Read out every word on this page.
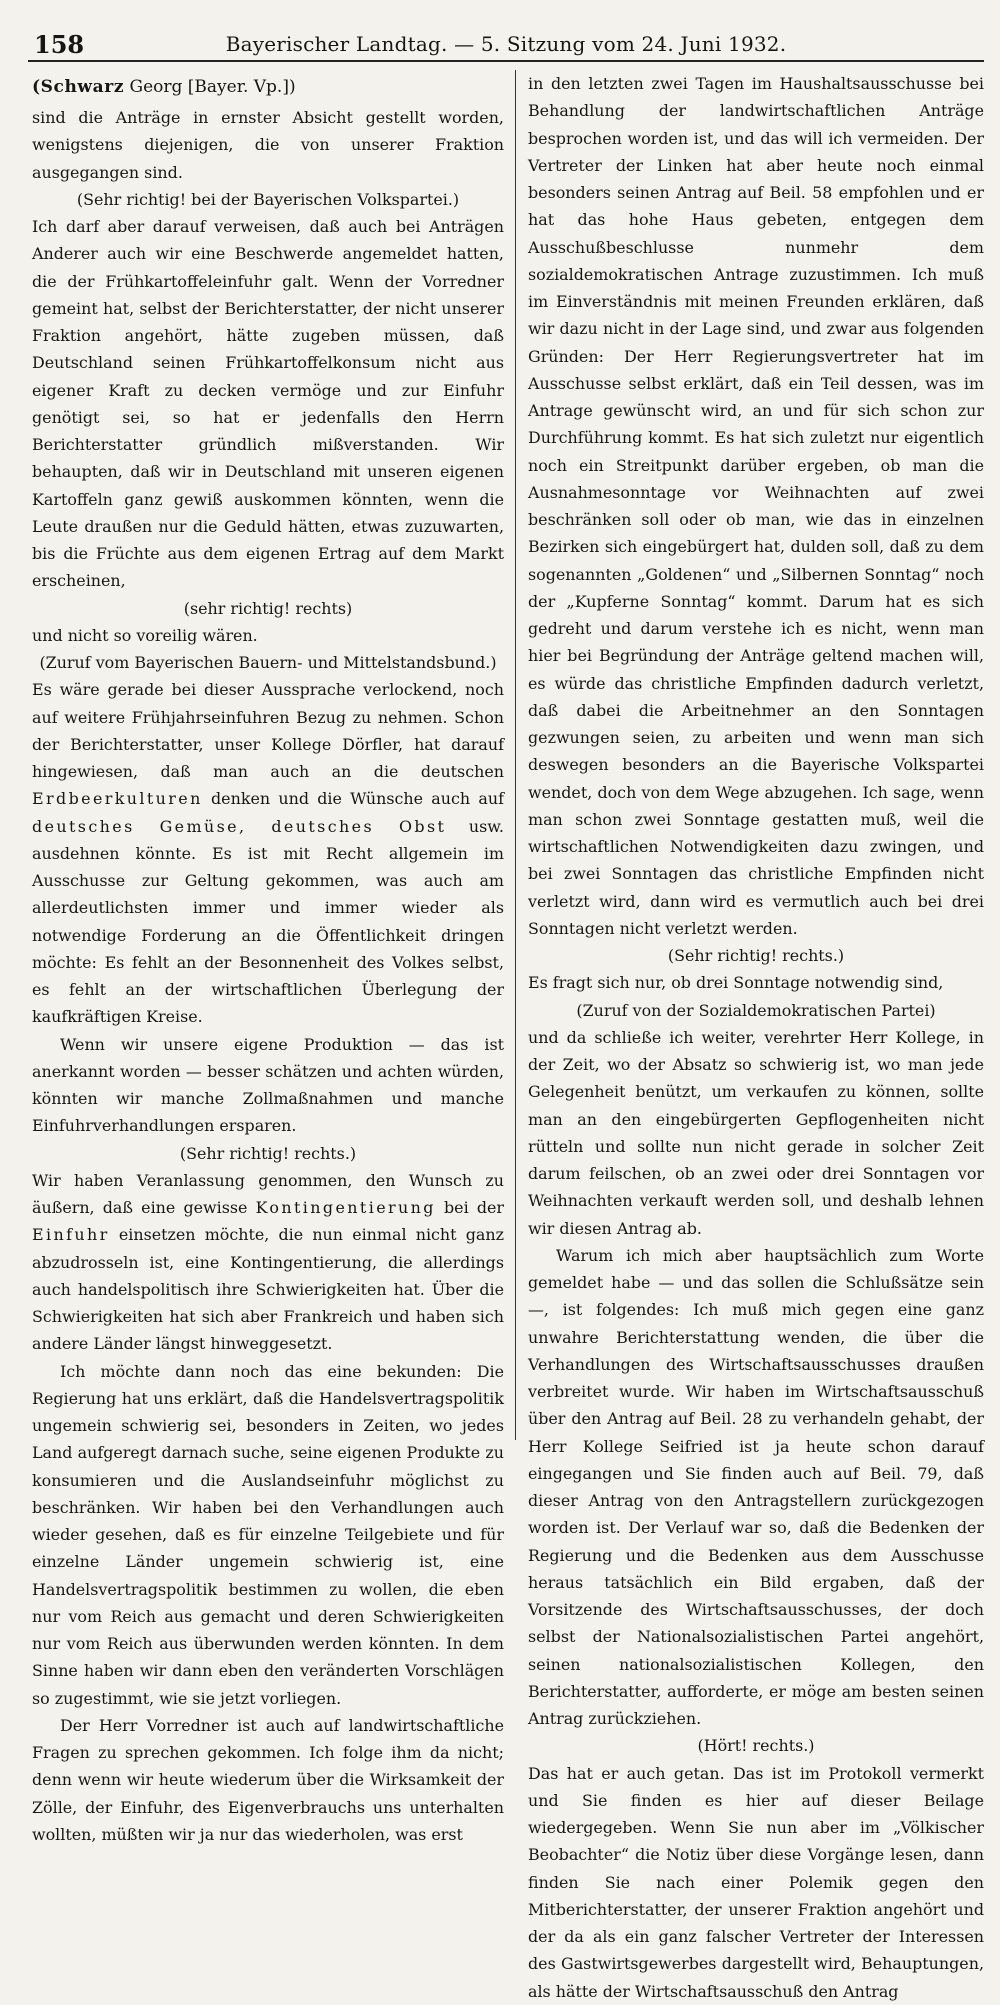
158	Bayerischer Landtag. — 5. Sitzung vom 24. Juni 1932.

(Schwarz Georg [Bayer. Vp.])

sind die Anträge in ernster Absicht gestellt worden, wenigstens diejenigen, die von unserer Fraktion ausgegangen sind.

(Sehr richtig! bei der Bayerischen Volkspartei.)

Ich darf aber darauf verweisen, daß auch bei Anträgen Anderer auch wir eine Beschwerde angemeldet hatten, die der Frühkartoffeleinfuhr galt. Wenn der Vorredner gemeint hat, selbst der Berichterstatter, der nicht unserer Fraktion angehört, hätte zugeben müssen, daß Deutschland seinen Frühkartoffelkonsum nicht aus eigener Kraft zu decken vermöge und zur Einfuhr genötigt sei, so hat er jedenfalls den Herrn Berichterstatter gründlich mißverstanden. Wir behaupten, daß wir in Deutschland mit unseren eigenen Kartoffeln ganz gewiß auskommen könnten, wenn die Leute draußen nur die Geduld hätten, etwas zuzuwarten, bis die Früchte aus dem eigenen Ertrag auf dem Markt erscheinen,

(sehr richtig! rechts)

und nicht so voreilig wären.

(Zuruf vom Bayerischen Bauern- und Mittelstandsbund.)

Es wäre gerade bei dieser Aussprache verlockend, noch auf weitere Frühjahrseinfuhren Bezug zu nehmen. Schon der Berichterstatter, unser Kollege Dörfler, hat darauf hingewiesen, daß man auch an die deutschen Erdbeerkulturen denken und die Wünsche auch auf deutsches Gemüse, deutsches Obst usw. ausdehnen könnte. Es ist mit Recht allgemein im Ausschusse zur Geltung gekommen, was auch am allerdeutlichsten immer und immer wieder als notwendige Forderung an die Öffentlichkeit dringen möchte: Es fehlt an der Besonnenheit des Volkes selbst, es fehlt an der wirtschaftlichen Überlegung der kaufkräftigen Kreise.

Wenn wir unsere eigene Produktion — das ist anerkannt worden — besser schätzen und achten würden, könnten wir manche Zollmaßnahmen und manche Einfuhrverhandlungen ersparen.

(Sehr richtig! rechts.)

Wir haben Veranlassung genommen, den Wunsch zu äußern, daß eine gewisse Kontingentierung bei der Einfuhr einsetzen möchte, die nun einmal nicht ganz abzudrosseln ist, eine Kontingentierung, die allerdings auch handelspolitisch ihre Schwierigkeiten hat. Über die Schwierigkeiten hat sich aber Frankreich und haben sich andere Länder längst hinweggesetzt.

Ich möchte dann noch das eine bekunden: Die Regierung hat uns erklärt, daß die Handelsvertragspolitik ungemein schwierig sei, besonders in Zeiten, wo jedes Land aufgeregt darnach suche, seine eigenen Produkte zu konsumieren und die Auslandseinfuhr möglichst zu beschränken. Wir haben bei den Verhandlungen auch wieder gesehen, daß es für einzelne Teilgebiete und für einzelne Länder ungemein schwierig ist, eine Handelsvertragspolitik bestimmen zu wollen, die eben nur vom Reich aus gemacht und deren Schwierigkeiten nur vom Reich aus überwunden werden könnten. In dem Sinne haben wir dann eben den veränderten Vorschlägen so zugestimmt, wie sie jetzt vorliegen.

Der Herr Vorredner ist auch auf landwirtschaftliche Fragen zu sprechen gekommen. Ich folge ihm da nicht; denn wenn wir heute wiederum über die Wirksamkeit der Zölle, der Einfuhr, des Eigenverbrauchs uns unterhalten wollten, müßten wir ja nur das wiederholen, was erst

in den letzten zwei Tagen im Haushaltsausschusse bei Behandlung der landwirtschaftlichen Anträge besprochen worden ist, und das will ich vermeiden. Der Vertreter der Linken hat aber heute noch einmal besonders seinen Antrag auf Beil. 58 empfohlen und er hat das hohe Haus gebeten, entgegen dem Ausschußbeschlusse nunmehr dem sozialdemokratischen Antrage zuzustimmen. Ich muß im Einverständnis mit meinen Freunden erklären, daß wir dazu nicht in der Lage sind, und zwar aus folgenden Gründen: Der Herr Regierungsvertreter hat im Ausschusse selbst erklärt, daß ein Teil dessen, was im Antrage gewünscht wird, an und für sich schon zur Durchführung kommt. Es hat sich zuletzt nur eigentlich noch ein Streitpunkt darüber ergeben, ob man die Ausnahmesonntage vor Weihnachten auf zwei beschränken soll oder ob man, wie das in einzelnen Bezirken sich eingebürgert hat, dulden soll, daß zu dem sogenannten „Goldenen“ und „Silbernen Sonntag“ noch der „Kupferne Sonntag“ kommt. Darum hat es sich gedreht und darum verstehe ich es nicht, wenn man hier bei Begründung der Anträge geltend machen will, es würde das christliche Empfinden dadurch verletzt, daß dabei die Arbeitnehmer an den Sonntagen gezwungen seien, zu arbeiten und wenn man sich deswegen besonders an die Bayerische Volkspartei wendet, doch von dem Wege abzugehen. Ich sage, wenn man schon zwei Sonntage gestatten muß, weil die wirtschaftlichen Notwendigkeiten dazu zwingen, und bei zwei Sonntagen das christliche Empfinden nicht verletzt wird, dann wird es vermutlich auch bei drei Sonntagen nicht verletzt werden.

(Sehr richtig! rechts.)

Es fragt sich nur, ob drei Sonntage notwendig sind,

(Zuruf von der Sozialdemokratischen Partei)

und da schließe ich weiter, verehrter Herr Kollege, in der Zeit, wo der Absatz so schwierig ist, wo man jede Gelegenheit benützt, um verkaufen zu können, sollte man an den eingebürgerten Gepflogenheiten nicht rütteln und sollte nun nicht gerade in solcher Zeit darum feilschen, ob an zwei oder drei Sonntagen vor Weihnachten verkauft werden soll, und deshalb lehnen wir diesen Antrag ab.

Warum ich mich aber hauptsächlich zum Worte gemeldet habe — und das sollen die Schlußsätze sein —, ist folgendes: Ich muß mich gegen eine ganz unwahre Berichterstattung wenden, die über die Verhandlungen des Wirtschaftsausschusses draußen verbreitet wurde. Wir haben im Wirtschaftsausschuß über den Antrag auf Beil. 28 zu verhandeln gehabt, der Herr Kollege Seifried ist ja heute schon darauf eingegangen und Sie finden auch auf Beil. 79, daß dieser Antrag von den Antragstellern zurückgezogen worden ist. Der Verlauf war so, daß die Bedenken der Regierung und die Bedenken aus dem Ausschusse heraus tatsächlich ein Bild ergaben, daß der Vorsitzende des Wirtschaftsausschusses, der doch selbst der Nationalsozialistischen Partei angehört, seinen nationalsozialistischen Kollegen, den Berichterstatter, aufforderte, er möge am besten seinen Antrag zurückziehen.

(Hört! rechts.)

Das hat er auch getan. Das ist im Protokoll vermerkt und Sie finden es hier auf dieser Beilage wiedergegeben. Wenn Sie nun aber im „Völkischer Beobachter“ die Notiz über diese Vorgänge lesen, dann finden Sie nach einer Polemik gegen den Mitberichterstatter, der unserer Fraktion angehört und der da als ein ganz falscher Vertreter der Interessen des Gastwirtsgewerbes dargestellt wird, Behauptungen, als hätte der Wirtschaftsausschuß den Antrag
